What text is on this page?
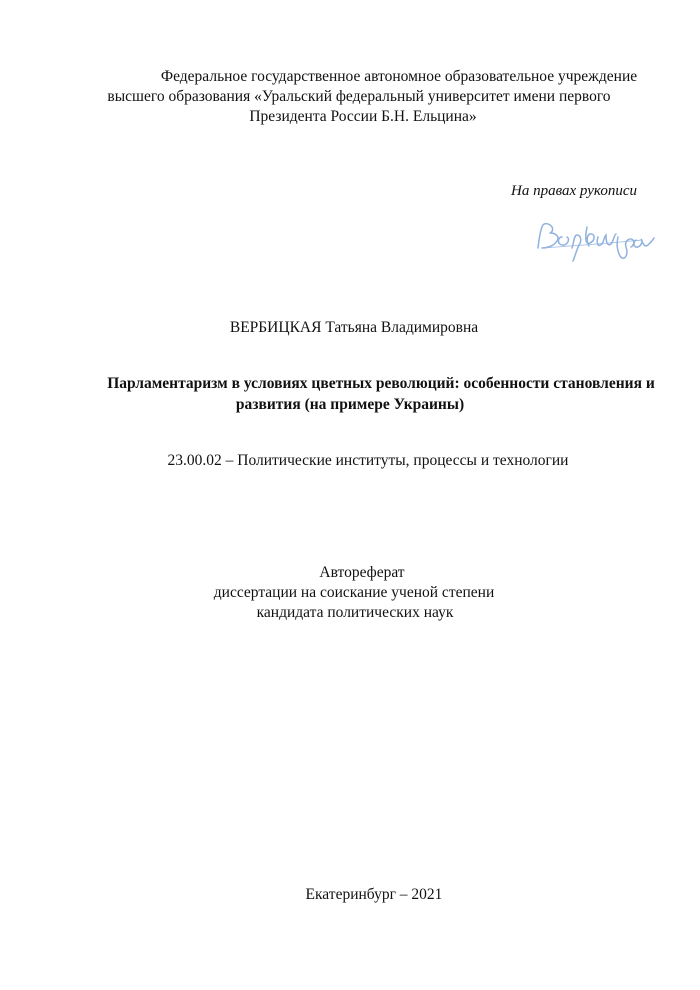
Федеральное государственное автономное образовательное учреждение
высшего образования «Уральский федеральный университет имени первого
Президента России Б.Н. Ельцина»
На правах рукописи
ВЕРБИЦКАЯ Татьяна Владимировна
Парламентаризм в условиях цветных революций: особенности становления и
развития (на примере Украины)
23.00.02 – Политические институты, процессы и технологии
Автореферат
диссертации на соискание ученой степени
кандидата политических наук
Екатеринбург – 2021
